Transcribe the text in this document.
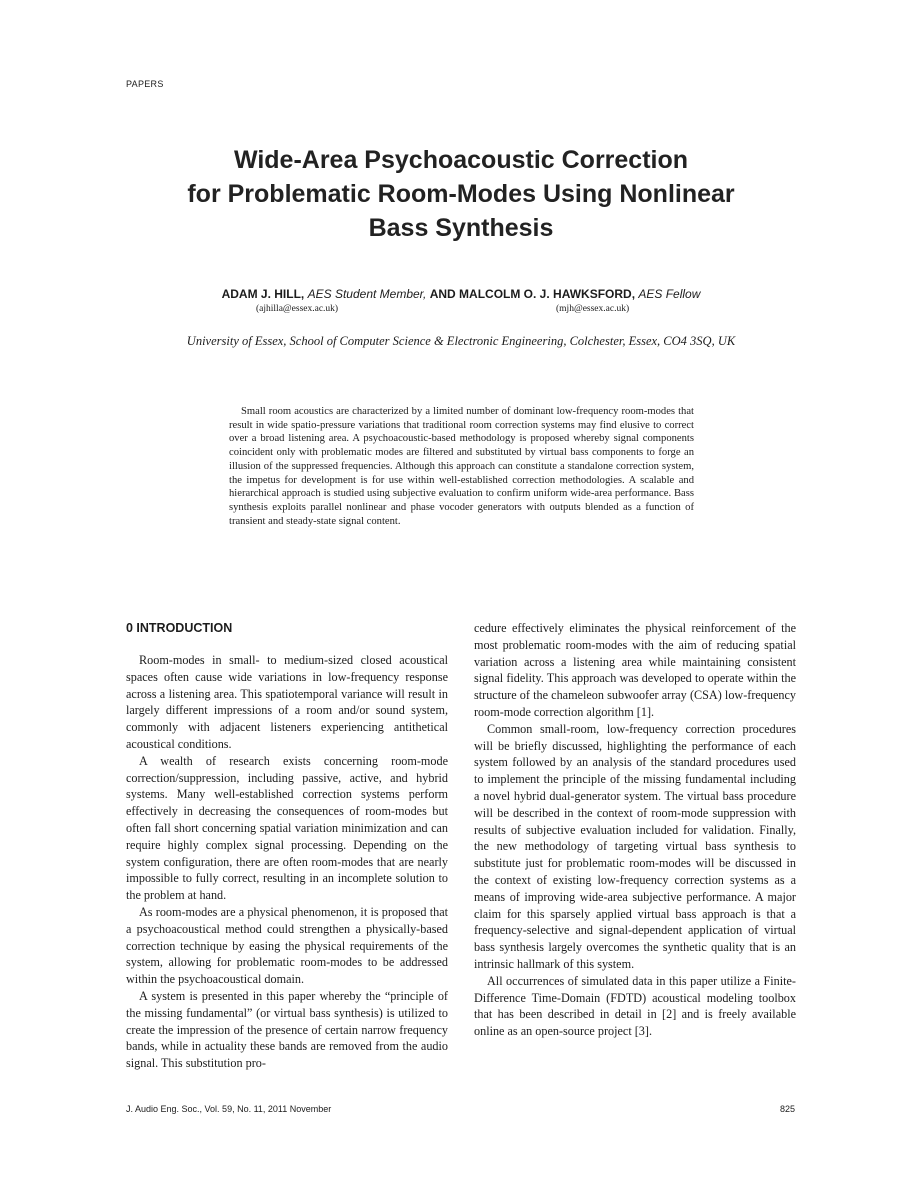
PAPERS
Wide-Area Psychoacoustic Correction
for Problematic Room-Modes Using Nonlinear
Bass Synthesis
ADAM J. HILL, AES Student Member, AND MALCOLM O. J. HAWKSFORD, AES Fellow
(ajhilla@essex.ac.uk)	(mjh@essex.ac.uk)
University of Essex, School of Computer Science & Electronic Engineering, Colchester, Essex, CO4 3SQ, UK

Small room acoustics are characterized by a limited number of dominant low-frequency room-modes that result in wide spatio-pressure variations that traditional room correction systems may find elusive to correct over a broad listening area. A psychoacoustic-based methodology is proposed whereby signal components coincident only with problematic modes are filtered and substituted by virtual bass components to forge an illusion of the suppressed frequencies. Although this approach can constitute a standalone correction system, the impetus for development is for use within well-established correction methodologies. A scalable and hierarchical approach is studied using subjective evaluation to confirm uniform wide-area performance. Bass synthesis exploits parallel nonlinear and phase vocoder generators with outputs blended as a function of transient and steady-state signal content.

0 INTRODUCTION

Room-modes in small- to medium-sized closed acoustical spaces often cause wide variations in low-frequency response across a listening area. This spatiotemporal variance will result in largely different impressions of a room and/or sound system, commonly with adjacent listeners experiencing antithetical acoustical conditions.

A wealth of research exists concerning room-mode correction/suppression, including passive, active, and hybrid systems. Many well-established correction systems perform effectively in decreasing the consequences of room-modes but often fall short concerning spatial variation minimization and can require highly complex signal processing. Depending on the system configuration, there are often room-modes that are nearly impossible to fully correct, resulting in an incomplete solution to the problem at hand.

As room-modes are a physical phenomenon, it is proposed that a psychoacoustical method could strengthen a physically-based correction technique by easing the physical requirements of the system, allowing for problematic room-modes to be addressed within the psychoacoustical domain.

A system is presented in this paper whereby the “principle of the missing fundamental” (or virtual bass synthesis) is utilized to create the impression of the presence of certain narrow frequency bands, while in actuality these bands are removed from the audio signal. This substitution pro-

cedure effectively eliminates the physical reinforcement of the most problematic room-modes with the aim of reducing spatial variation across a listening area while maintaining consistent signal fidelity. This approach was developed to operate within the structure of the chameleon subwoofer array (CSA) low-frequency room-mode correction algorithm [1].

Common small-room, low-frequency correction procedures will be briefly discussed, highlighting the performance of each system followed by an analysis of the standard procedures used to implement the principle of the missing fundamental including a novel hybrid dual-generator system. The virtual bass procedure will be described in the context of room-mode suppression with results of subjective evaluation included for validation. Finally, the new methodology of targeting virtual bass synthesis to substitute just for problematic room-modes will be discussed in the context of existing low-frequency correction systems as a means of improving wide-area subjective performance. A major claim for this sparsely applied virtual bass approach is that a frequency-selective and signal-dependent application of virtual bass synthesis largely overcomes the synthetic quality that is an intrinsic hallmark of this system.

All occurrences of simulated data in this paper utilize a Finite-Difference Time-Domain (FDTD) acoustical modeling toolbox that has been described in detail in [2] and is freely available online as an open-source project [3].

J. Audio Eng. Soc., Vol. 59, No. 11, 2011 November	825
